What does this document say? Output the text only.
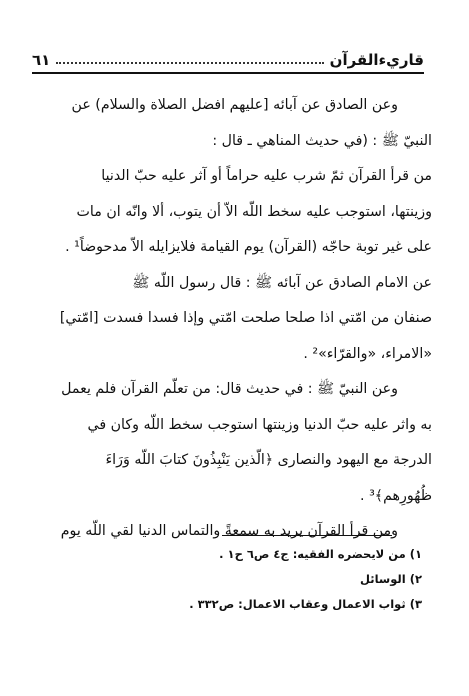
قاريءالقرآن
٦١

وعن الصادق عن آبائه [عليهم افضل الصلاة والسلام) عن

النبيّ ﷺ : (في حديث المناهي ـ قال :

من قرأ القرآن ثمّ شرب عليه حراماً أو آثر عليه حبّ الدنيا

وزينتها، استوجب عليه سخط اللّه الاّ أن يتوب، ألا وانّه ان مات

على غير توبة حاجّه (القرآن) يوم القيامة فلايزايله الاّ مدحوضاً¹ .

عن الامام الصادق عن آبائه ﷺ : قال رسول اللّه ﷺ

صنفان من امّتي اذا صلحا صلحت امّتي وإذا فسدا فسدت [امّتي]

«الامراء، «والقرّاء»² .

وعن النبيّ ﷺ : في حديث قال: من تعلّم القرآن فلم يعمل

به واثر عليه حبّ الدنيا وزينتها استوجب سخط اللّه وكان في

الدرجة مع اليهود والنصارى ﴿الّذين يَنْبِذُونَ كتابَ اللّه وَرَاءَ

ظُهُورِهم﴾³ .

ومن قرأ القرآن يريد به سمعةً والتماس الدنيا لقي اللّه يوم

١) من لايحضره الفقيه: ج٤ ص٦ ح١ .
٢) الوسائل
٣) ثواب الاعمال وعقاب الاعمال: ص٣٣٢ .
